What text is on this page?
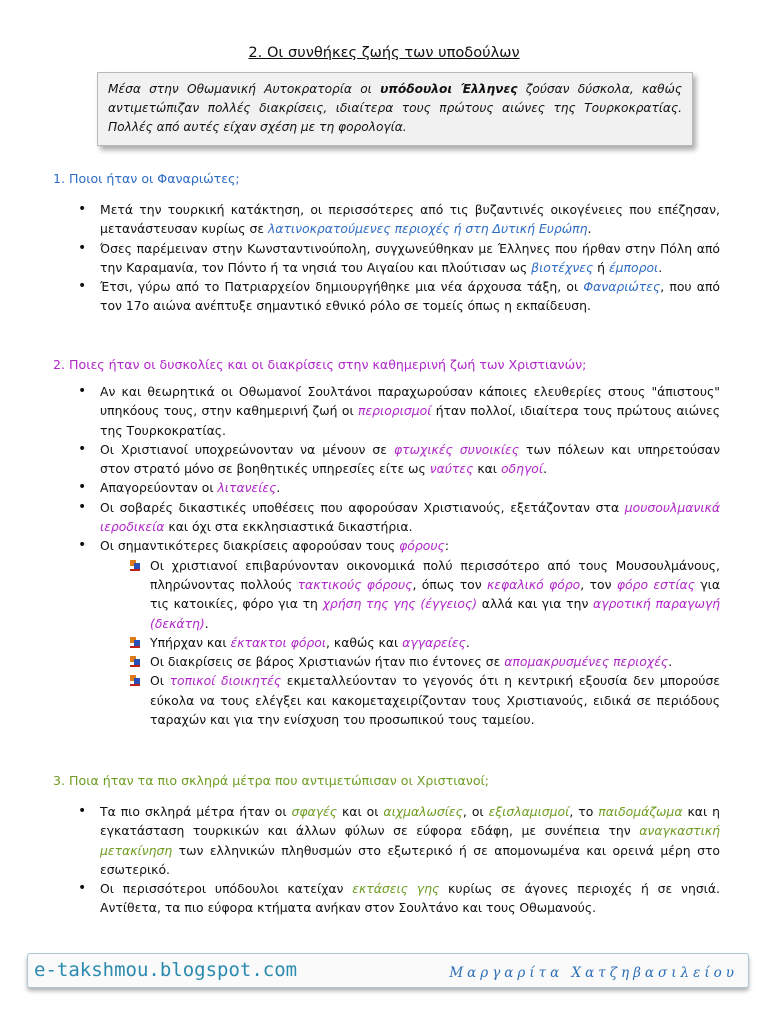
2. Οι συνθήκες ζωής των υποδούλων
Μέσα στην Οθωμανική Αυτοκρατορία οι υπόδουλοι Έλληνες ζούσαν δύσκολα, καθώς αντιμετώπιζαν πολλές διακρίσεις, ιδιαίτερα τους πρώτους αιώνες της Τουρκοκρατίας. Πολλές από αυτές είχαν σχέση με τη φορολογία.
1. Ποιοι ήταν οι Φαναριώτες;
• Μετά την τουρκική κατάκτηση, οι περισσότερες από τις βυζαντινές οικογένειες που επέζησαν, μετανάστευσαν κυρίως σε λατινοκρατούμενες περιοχές ή στη Δυτική Ευρώπη.
• Όσες παρέμειναν στην Κωνσταντινούπολη, συγχωνεύθηκαν με Έλληνες που ήρθαν στην Πόλη από την Καραμανία, τον Πόντο ή τα νησιά του Αιγαίου και πλούτισαν ως βιοτέχνες ή έμποροι.
• Έτσι, γύρω από το Πατριαρχείον δημιουργήθηκε μια νέα άρχουσα τάξη, οι Φαναριώτες, που από τον 17ο αιώνα ανέπτυξε σημαντικό εθνικό ρόλο σε τομείς όπως η εκπαίδευση.
2. Ποιες ήταν οι δυσκολίες και οι διακρίσεις στην καθημερινή ζωή των Χριστιανών;
• Αν και θεωρητικά οι Οθωμανοί Σουλτάνοι παραχωρούσαν κάποιες ελευθερίες στους "άπιστους" υπηκόους τους, στην καθημερινή ζωή οι περιορισμοί ήταν πολλοί, ιδιαίτερα τους πρώτους αιώνες της Τουρκοκρατίας.
• Οι Χριστιανοί υποχρεώνονταν να μένουν σε φτωχικές συνοικίες των πόλεων και υπηρετούσαν στον στρατό μόνο σε βοηθητικές υπηρεσίες είτε ως ναύτες και οδηγοί.
• Απαγορεύονταν οι λιτανείες.
• Οι σοβαρές δικαστικές υποθέσεις που αφορούσαν Χριστιανούς, εξετάζονταν στα μουσουλμανικά ιεροδικεία και όχι στα εκκλησιαστικά δικαστήρια.
• Οι σημαντικότερες διακρίσεις αφορούσαν τους φόρους:
Οι χριστιανοί επιβαρύνονταν οικονομικά πολύ περισσότερο από τους Μουσουλμάνους, πληρώνοντας πολλούς τακτικούς φόρους, όπως τον κεφαλικό φόρο, τον φόρο εστίας για τις κατοικίες, φόρο για τη χρήση της γης (έγγειος) αλλά και για την αγροτική παραγωγή (δεκάτη).
Υπήρχαν και έκτακτοι φόροι, καθώς και αγγαρείες.
Οι διακρίσεις σε βάρος Χριστιανών ήταν πιο έντονες σε απομακρυσμένες περιοχές.
Οι τοπικοί διοικητές εκμεταλλεύονταν το γεγονός ότι η κεντρική εξουσία δεν μπορούσε εύκολα να τους ελέγξει και κακομεταχειρίζονταν τους Χριστιανούς, ειδικά σε περιόδους ταραχών και για την ενίσχυση του προσωπικού τους ταμείου.
3. Ποια ήταν τα πιο σκληρά μέτρα που αντιμετώπισαν οι Χριστιανοί;
• Τα πιο σκληρά μέτρα ήταν οι σφαγές και οι αιχμαλωσίες, οι εξισλαμισμοί, το παιδομάζωμα και η εγκατάσταση τουρκικών και άλλων φύλων σε εύφορα εδάφη, με συνέπεια την αναγκαστική μετακίνηση των ελληνικών πληθυσμών στο εξωτερικό ή σε απομονωμένα και ορεινά μέρη στο εσωτερικό.
• Οι περισσότεροι υπόδουλοι κατείχαν εκτάσεις γης κυρίως σε άγονες περιοχές ή σε νησιά. Αντίθετα, τα πιο εύφορα κτήματα ανήκαν στον Σουλτάνο και τους Οθωμανούς.
e-takshmou.blogspot.com	Μαργαρίτα Χατζηβασιλείου
